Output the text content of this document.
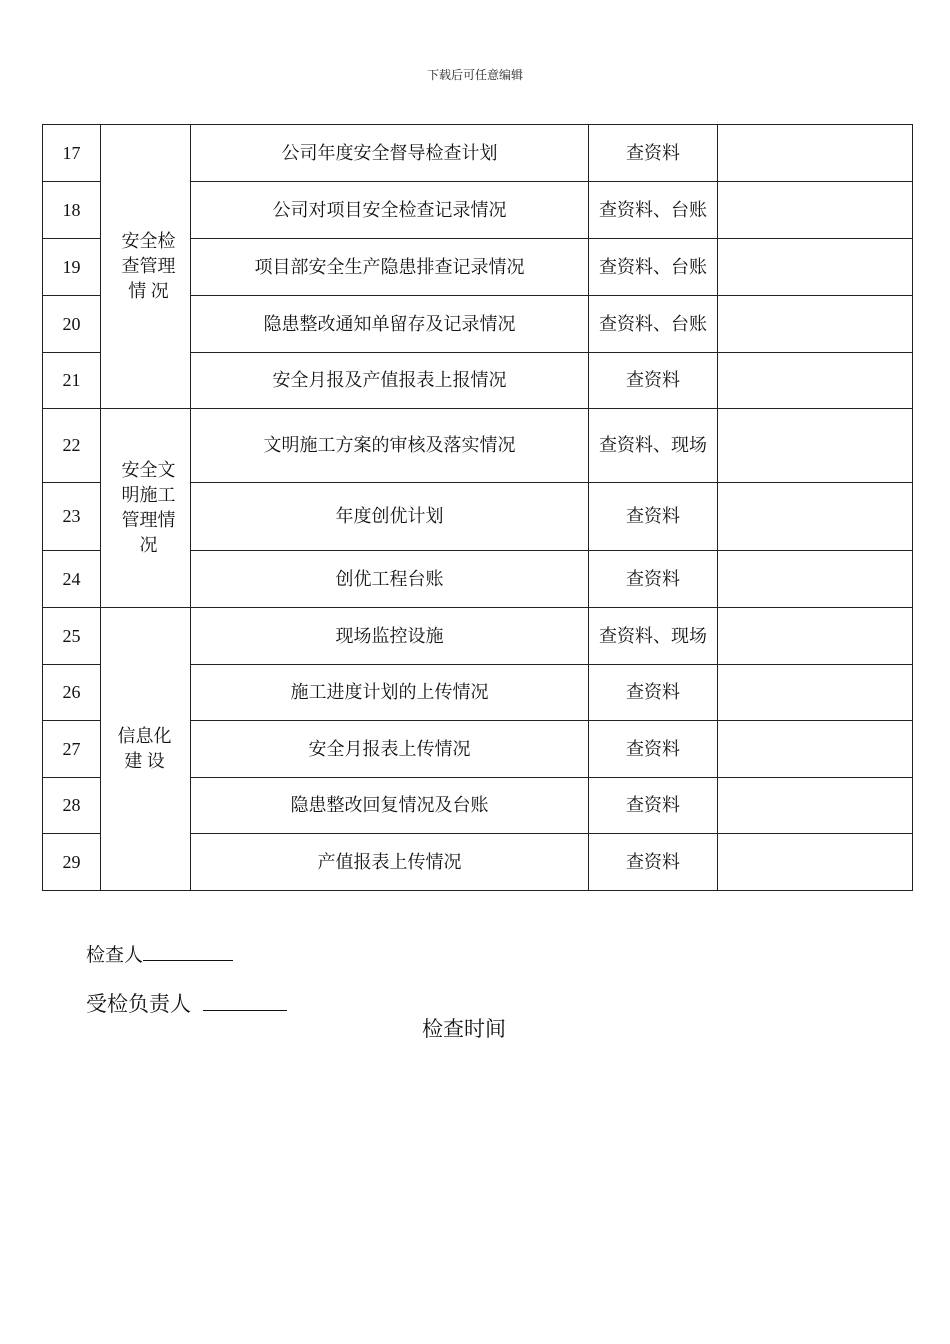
下载后可任意编辑
17	安全检查管理情 况	公司年度安全督导检查计划	查资料	
18		公司对项目安全检查记录情况	查资料、台账	
19		项目部安全生产隐患排查记录情况	查资料、台账	
20		隐患整改通知单留存及记录情况	查资料、台账	
21		安全月报及产值报表上报情况	查资料	
22	安全文明施工管理情况	文明施工方案的审核及落实情况	查资料、现场	
23		年度创优计划	查资料	
24		创优工程台账	查资料	
25	信息化建 设	现场监控设施	查资料、现场	
26		施工进度计划的上传情况	查资料	
27		安全月报表上传情况	查资料	
28		隐患整改回复情况及台账	查资料	
29		产值报表上传情况	查资料	
检查人
受检负责人
检查时间
